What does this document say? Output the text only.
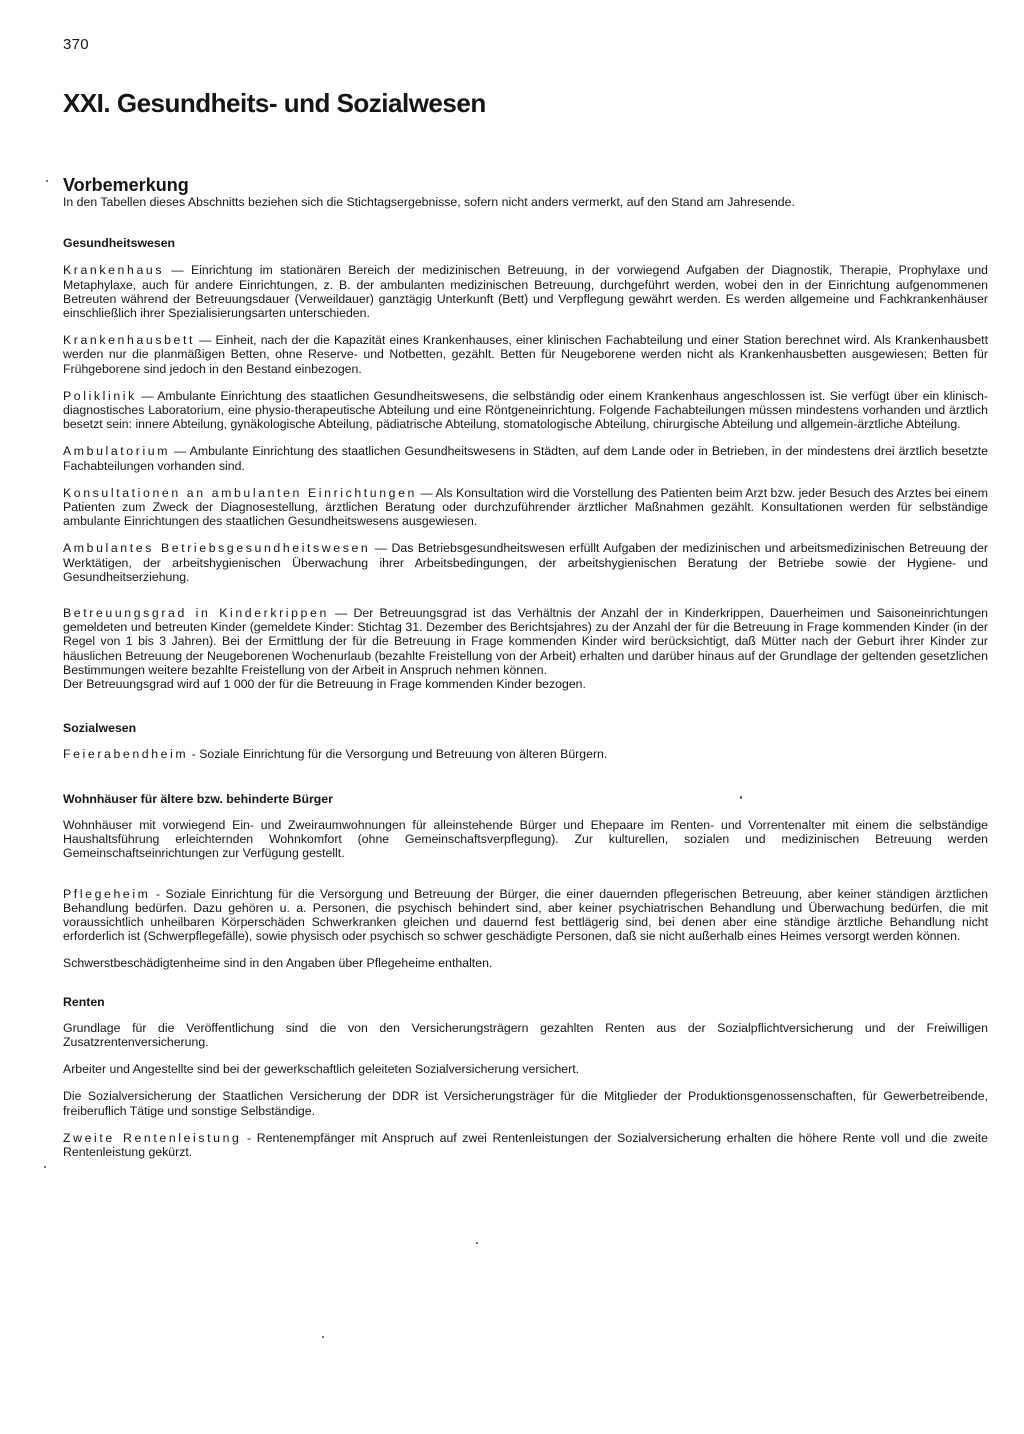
370
XXI. Gesundheits- und Sozialwesen
Vorbemerkung

In den Tabellen dieses Abschnitts beziehen sich die Stichtagsergebnisse, sofern nicht anders vermerkt, auf den Stand am Jahresende.

Gesundheitswesen

Krankenhaus — Einrichtung im stationären Bereich der medizinischen Betreuung, in der vorwiegend Aufgaben der Diagnostik, Therapie, Prophylaxe und Metaphylaxe, auch für andere Einrichtungen, z. B. der ambulanten medizinischen Betreuung, durchgeführt werden, wobei den in der Einrichtung aufgenommenen Betreuten während der Betreuungsdauer (Verweildauer) ganztägig Unterkunft (Bett) und Verpflegung gewährt werden. Es werden allgemeine und Fachkrankenhäuser einschließlich ihrer Spezialisierungsarten unterschieden.

Krankenhausbett — Einheit, nach der die Kapazität eines Krankenhauses, einer klinischen Fachabteilung und einer Station berechnet wird. Als Krankenhausbett werden nur die planmäßigen Betten, ohne Reserve- und Notbetten, gezählt. Betten für Neugeborene werden nicht als Krankenhausbetten ausgewiesen; Betten für Frühgeborene sind jedoch in den Bestand einbezogen.

Poliklinik — Ambulante Einrichtung des staatlichen Gesundheitswesens, die selbständig oder einem Krankenhaus angeschlossen ist. Sie verfügt über ein klinisch-diagnostisches Laboratorium, eine physio-therapeutische Abteilung und eine Röntgeneinrichtung. Folgende Fachabteilungen müssen mindestens vorhanden und ärztlich besetzt sein: innere Abteilung, gynäkologische Abteilung, pädiatrische Abteilung, stomatologische Abteilung, chirurgische Abteilung und allgemein-ärztliche Abteilung.

Ambulatorium — Ambulante Einrichtung des staatlichen Gesundheitswesens in Städten, auf dem Lande oder in Betrieben, in der mindestens drei ärztlich besetzte Fachabteilungen vorhanden sind.

Konsultationen an ambulanten Einrichtungen — Als Konsultation wird die Vorstellung des Patienten beim Arzt bzw. jeder Besuch des Arztes bei einem Patienten zum Zweck der Diagnosestellung, ärztlichen Beratung oder durchzuführender ärztlicher Maßnahmen gezählt. Konsultationen werden für selbständige ambulante Einrichtungen des staatlichen Gesundheitswesens ausgewiesen.

Ambulantes Betriebsgesundheitswesen — Das Betriebsgesundheitswesen erfüllt Aufgaben der medizinischen und arbeitsmedizinischen Betreuung der Werktätigen, der arbeitshygienischen Überwachung ihrer Arbeitsbedingungen, der arbeitshygienischen Beratung der Betriebe sowie der Hygiene- und Gesundheitserziehung.

Betreuungsgrad in Kinderkrippen — Der Betreuungsgrad ist das Verhältnis der Anzahl der in Kinderkrippen, Dauerheimen und Saisoneinrichtungen gemeldeten und betreuten Kinder (gemeldete Kinder: Stichtag 31. Dezember des Berichtsjahres) zu der Anzahl der für die Betreuung in Frage kommenden Kinder (in der Regel von 1 bis 3 Jahren). Bei der Ermittlung der für die Betreuung in Frage kommenden Kinder wird berücksichtigt, daß Mütter nach der Geburt ihrer Kinder zur häuslichen Betreuung der Neugeborenen Wochenurlaub (bezahlte Freistellung von der Arbeit) erhalten und darüber hinaus auf der Grundlage der geltenden gesetzlichen Bestimmungen weitere bezahlte Freistellung von der Arbeit in Anspruch nehmen können.

Der Betreuungsgrad wird auf 1 000 der für die Betreuung in Frage kommenden Kinder bezogen.

Sozialwesen

Feierabendheim - Soziale Einrichtung für die Versorgung und Betreuung von älteren Bürgern.

Wohnhäuser für ältere bzw. behinderte Bürger

Wohnhäuser mit vorwiegend Ein- und Zweiraumwohnungen für alleinstehende Bürger und Ehepaare im Renten- und Vorrentenalter mit einem die selbständige Haushaltsführung erleichternden Wohnkomfort (ohne Gemeinschaftsverpflegung). Zur kulturellen, sozialen und medizinischen Betreuung werden Gemeinschaftseinrichtungen zur Verfügung gestellt.

Pflegeheim - Soziale Einrichtung für die Versorgung und Betreuung der Bürger, die einer dauernden pflegerischen Betreuung, aber keiner ständigen ärztlichen Behandlung bedürfen. Dazu gehören u. a. Personen, die psychisch behindert sind, aber keiner psychiatrischen Behandlung und Überwachung bedürfen, die mit voraussichtlich unheilbaren Körperschäden Schwerkranken gleichen und dauernd fest bettlägerig sind, bei denen aber eine ständige ärztliche Behandlung nicht erforderlich ist (Schwerpflegefälle), sowie physisch oder psychisch so schwer geschädigte Personen, daß sie nicht außerhalb eines Heimes versorgt werden können.

Schwerstbeschädigtenheime sind in den Angaben über Pflegeheime enthalten.

Renten

Grundlage für die Veröffentlichung sind die von den Versicherungsträgern gezahlten Renten aus der Sozialpflichtversicherung und der Freiwilligen Zusatzrentenversicherung.

Arbeiter und Angestellte sind bei der gewerkschaftlich geleiteten Sozialversicherung versichert.

Die Sozialversicherung der Staatlichen Versicherung der DDR ist Versicherungsträger für die Mitglieder der Produktionsgenossenschaften, für Gewerbetreibende, freiberuflich Tätige und sonstige Selbständige.

Zweite Rentenleistung - Rentenempfänger mit Anspruch auf zwei Rentenleistungen der Sozialversicherung erhalten die höhere Rente voll und die zweite Rentenleistung gekürzt.
